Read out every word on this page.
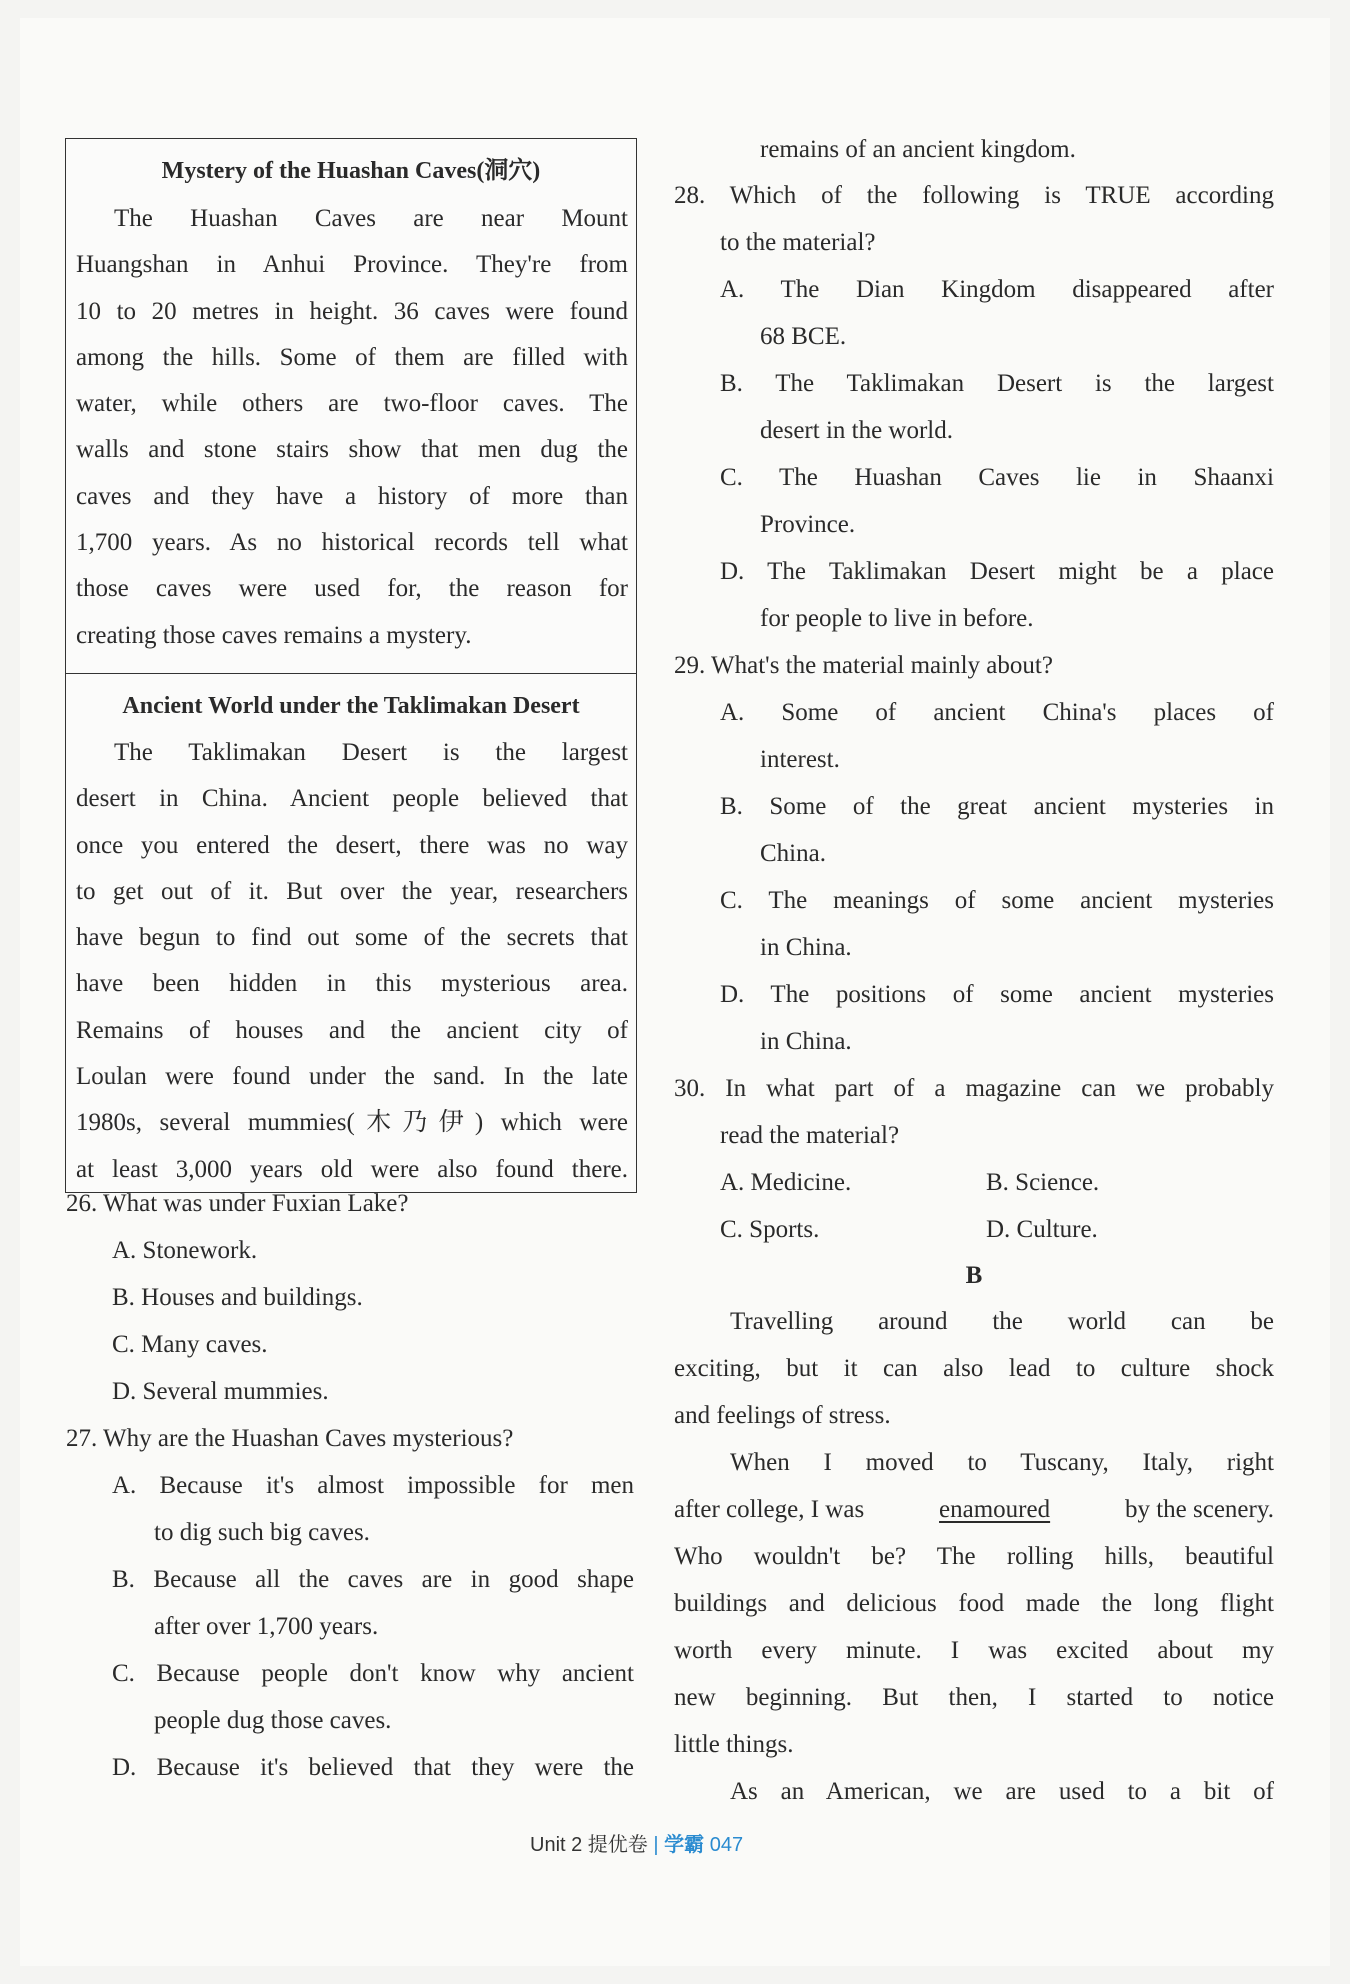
Mystery of the Huashan Caves(洞穴)
The Huashan Caves are near Mount
Huangshan in Anhui Province. They're from
10 to 20 metres in height. 36 caves were found
among the hills. Some of them are filled with
water, while others are two-floor caves. The
walls and stone stairs show that men dug the
caves and they have a history of more than
1,700 years. As no historical records tell what
those caves were used for, the reason for
creating those caves remains a mystery.
Ancient World under the Taklimakan Desert
The Taklimakan Desert is the largest
desert in China. Ancient people believed that
once you entered the desert, there was no way
to get out of it. But over the year, researchers
have begun to find out some of the secrets that
have been hidden in this mysterious area.
Remains of houses and the ancient city of
Loulan were found under the sand. In the late
1980s, several mummies(木乃伊) which were
at least 3,000 years old were also found there.
26. What was under Fuxian Lake?
A. Stonework.
B. Houses and buildings.
C. Many caves.
D. Several mummies.
27. Why are the Huashan Caves mysterious?
A. Because it's almost impossible for men
to dig such big caves.
B. Because all the caves are in good shape
after over 1,700 years.
C. Because people don't know why ancient
people dug those caves.
D. Because it's believed that they were the
remains of an ancient kingdom.
28. Which of the following is TRUE according
to the material?
A. The Dian Kingdom disappeared after
68 BCE.
B. The Taklimakan Desert is the largest
desert in the world.
C. The Huashan Caves lie in Shaanxi
Province.
D. The Taklimakan Desert might be a place
for people to live in before.
29. What's the material mainly about?
A. Some of ancient China's places of
interest.
B. Some of the great ancient mysteries in
China.
C. The meanings of some ancient mysteries
in China.
D. The positions of some ancient mysteries
in China.
30. In what part of a magazine can we probably
read the material?
A. Medicine.	B. Science.
C. Sports.	D. Culture.
B
Travelling around the world can be
exciting, but it can also lead to culture shock
and feelings of stress.
When I moved to Tuscany, Italy, right
after college, I was	enamoured	by the scenery.
Who wouldn't be? The rolling hills, beautiful
buildings and delicious food made the long flight
worth every minute. I was excited about my
new beginning. But then, I started to notice
little things.
As an American, we are used to a bit of
Unit 2 提优卷 | 学霸 047
